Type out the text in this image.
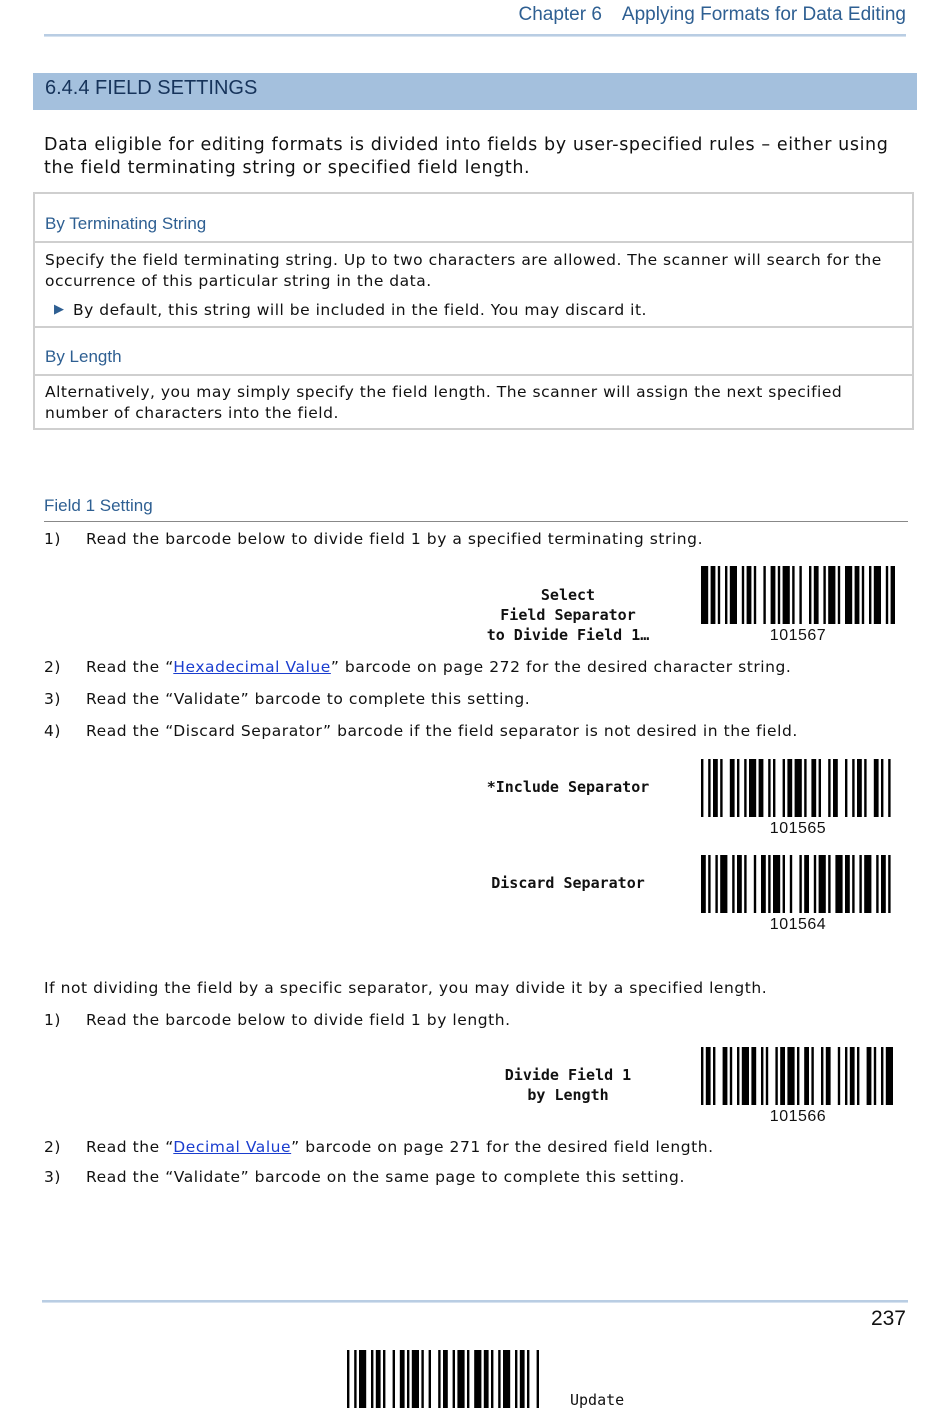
Chapter 6 Applying Formats for Data Editing
6.4.4 FIELD SETTINGS
Data eligible for editing formats is divided into fields by user-specified rules – either using the field terminating string or specified field length.
By Terminating String
Specify the field terminating string. Up to two characters are allowed. The scanner will search for the occurrence of this particular string in the data.
▶ By default, this string will be included in the field. You may discard it.
By Length
Alternatively, you may simply specify the field length. The scanner will assign the next specified number of characters into the field.
Field 1 Setting
1) Read the barcode below to divide field 1 by a specified terminating string.
Select
Field Separator
to Divide Field 1…	101567
2) Read the “Hexadecimal Value” barcode on page 272 for the desired character string.
3) Read the “Validate” barcode to complete this setting.
4) Read the “Discard Separator” barcode if the field separator is not desired in the field.
*Include Separator
101565
Discard Separator
101564
If not dividing the field by a specific separator, you may divide it by a specified length.
1) Read the barcode below to divide field 1 by length.
Divide Field 1
by Length
101566
2) Read the “Decimal Value” barcode on page 271 for the desired field length.
3) Read the “Validate” barcode on the same page to complete this setting.
237
Update
